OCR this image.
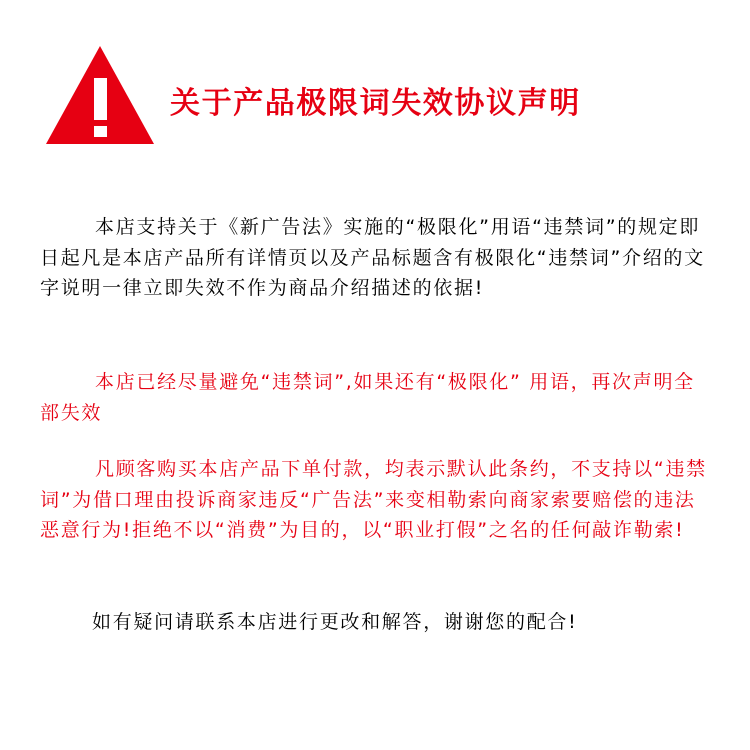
关于产品极限词失效协议声明

本店支持关于《新广告法》实施的“极限化”用语“违禁词”的规定即日起凡是本店产品所有详情页以及产品标题含有极限化“违禁词”介绍的文字说明一律立即失效不作为商品介绍描述的依据!

本店已经尽量避免“违禁词”,如果还有“极限化” 用语，再次声明全部失效

凡顾客购买本店产品下单付款，均表示默认此条约，不支持以“违禁词”为借口理由投诉商家违反“广告法”来变相勒索向商家索要赔偿的违法恶意行为!拒绝不以“消费”为目的，以“职业打假”之名的任何敲诈勒索!

如有疑问请联系本店进行更改和解答，谢谢您的配合!
